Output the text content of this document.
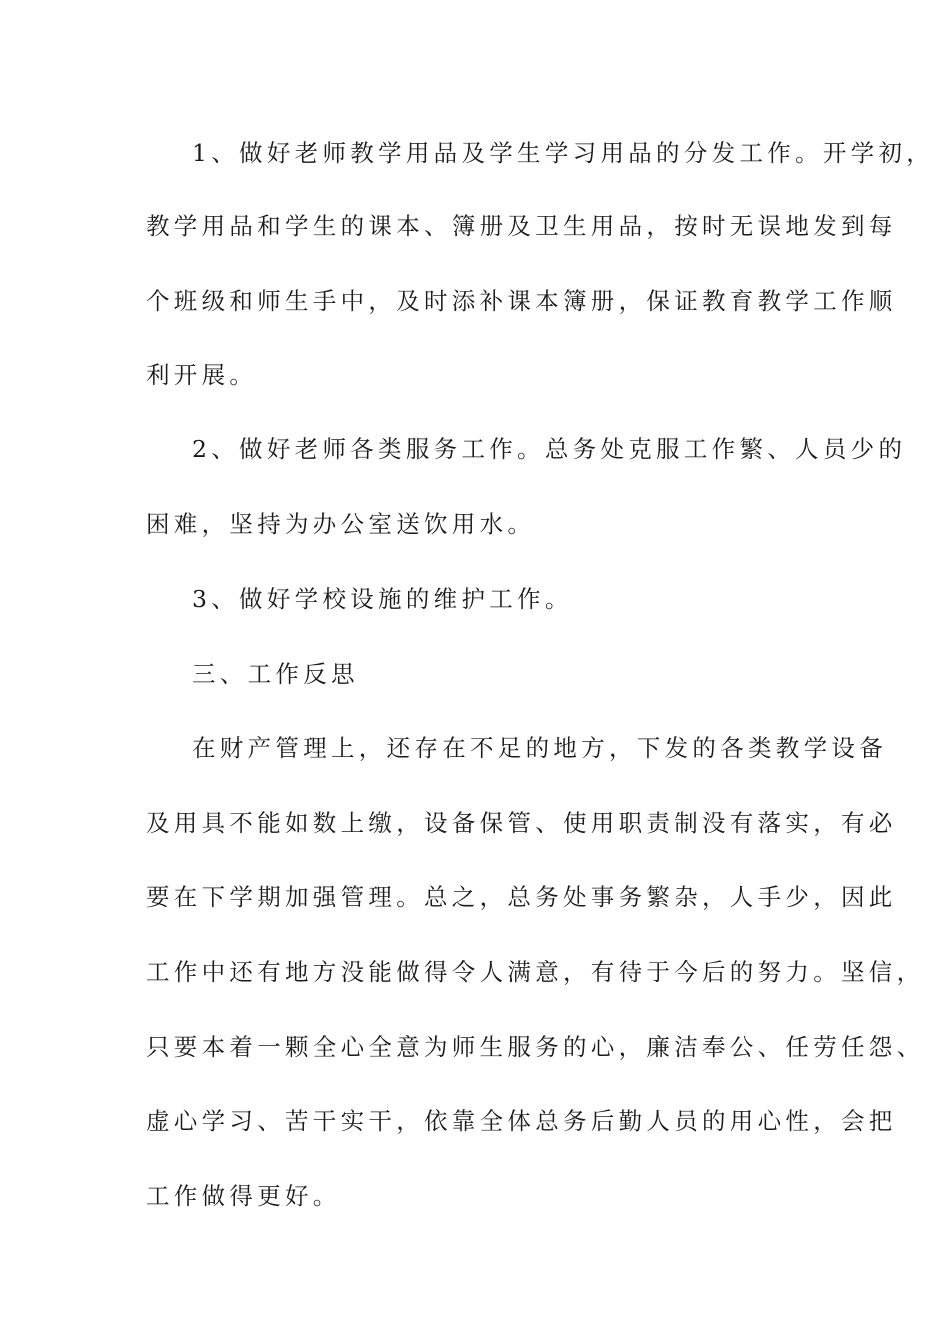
1、做好老师教学用品及学生学习用品的分发工作。开学初，
教学用品和学生的课本、簿册及卫生用品，按时无误地发到每
个班级和师生手中，及时添补课本簿册，保证教育教学工作顺
利开展。
2、做好老师各类服务工作。总务处克服工作繁、人员少的
困难，坚持为办公室送饮用水。
3、做好学校设施的维护工作。
三、工作反思
在财产管理上，还存在不足的地方，下发的各类教学设备
及用具不能如数上缴，设备保管、使用职责制没有落实，有必
要在下学期加强管理。总之，总务处事务繁杂，人手少，因此
工作中还有地方没能做得令人满意，有待于今后的努力。坚信，
只要本着一颗全心全意为师生服务的心，廉洁奉公、任劳任怨、
虚心学习、苦干实干，依靠全体总务后勤人员的用心性，会把
工作做得更好。
